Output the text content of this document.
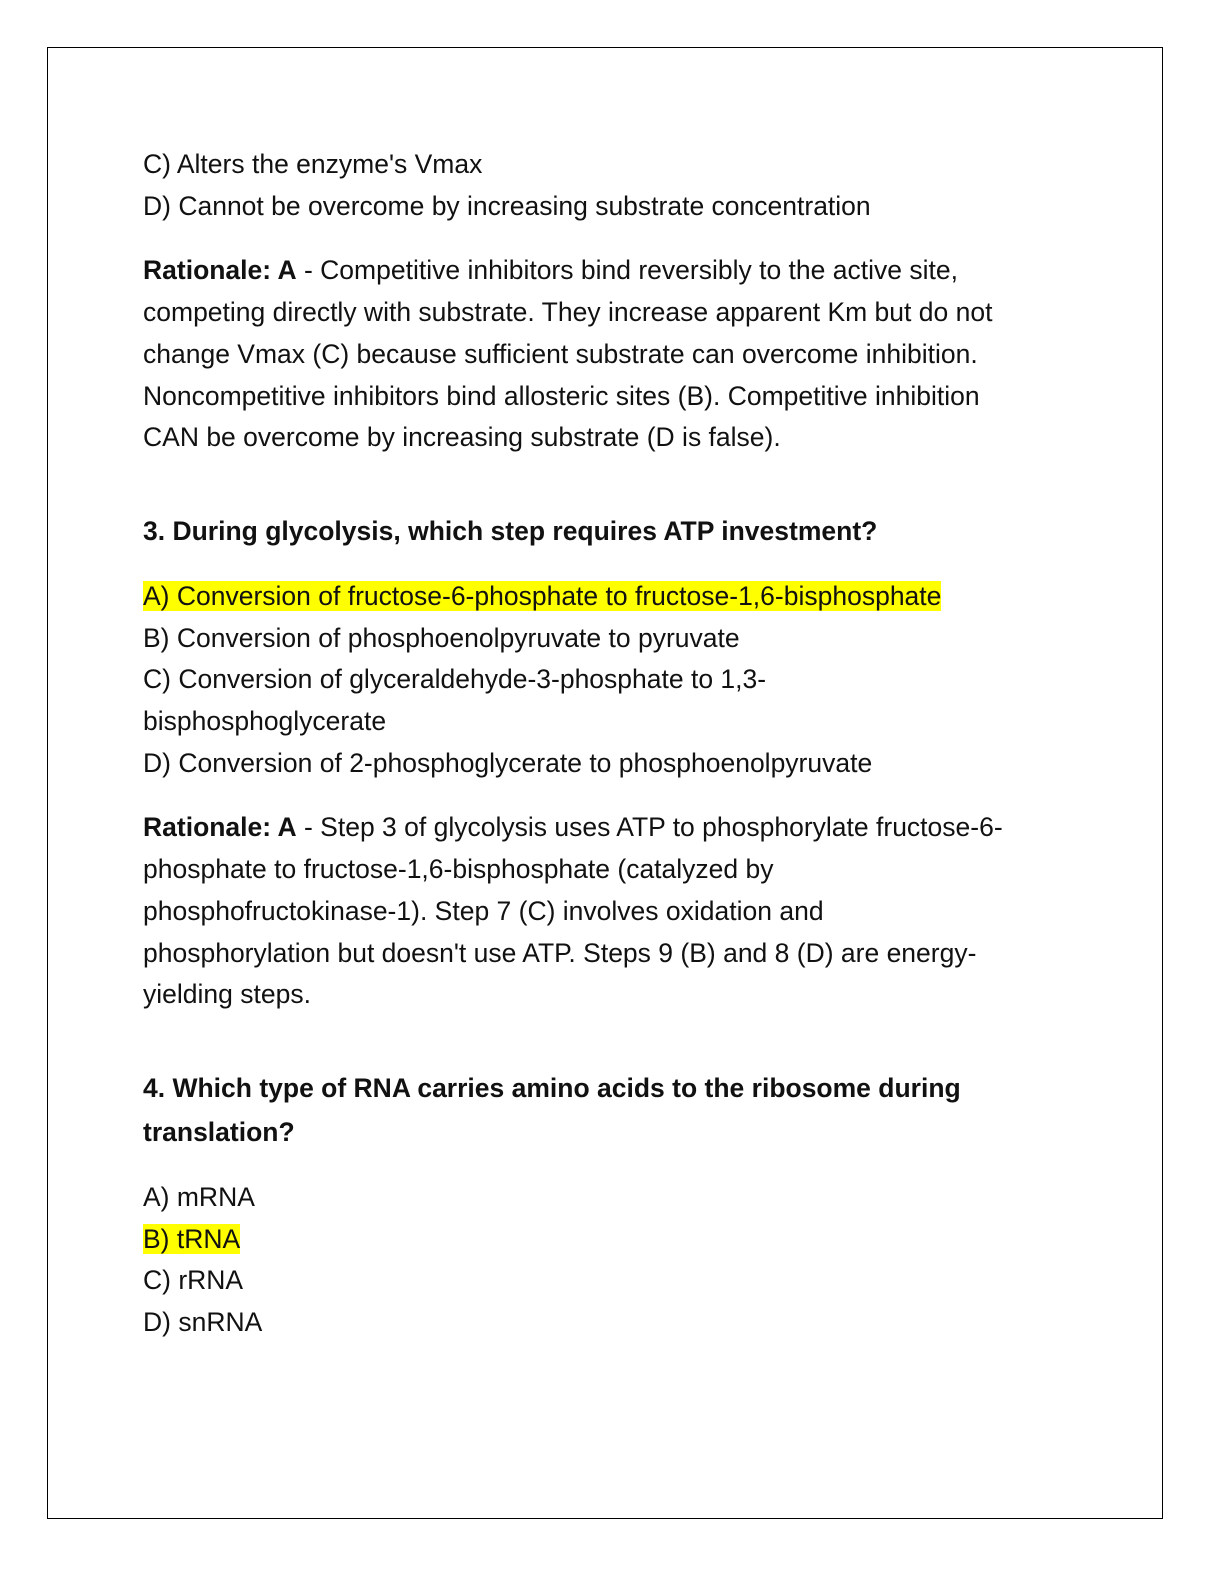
C) Alters the enzyme's Vmax
D) Cannot be overcome by increasing substrate concentration
Rationale: A - Competitive inhibitors bind reversibly to the active site,
competing directly with substrate. They increase apparent Km but do not
change Vmax (C) because sufficient substrate can overcome inhibition.
Noncompetitive inhibitors bind allosteric sites (B). Competitive inhibition
CAN be overcome by increasing substrate (D is false).
3. During glycolysis, which step requires ATP investment?
A) Conversion of fructose-6-phosphate to fructose-1,6-bisphosphate
B) Conversion of phosphoenolpyruvate to pyruvate
C) Conversion of glyceraldehyde-3-phosphate to 1,3-
bisphosphoglycerate
D) Conversion of 2-phosphoglycerate to phosphoenolpyruvate
Rationale: A - Step 3 of glycolysis uses ATP to phosphorylate fructose-6-
phosphate to fructose-1,6-bisphosphate (catalyzed by
phosphofructokinase-1). Step 7 (C) involves oxidation and
phosphorylation but doesn't use ATP. Steps 9 (B) and 8 (D) are energy-
yielding steps.
4. Which type of RNA carries amino acids to the ribosome during
translation?
A) mRNA
B) tRNA
C) rRNA
D) snRNA
